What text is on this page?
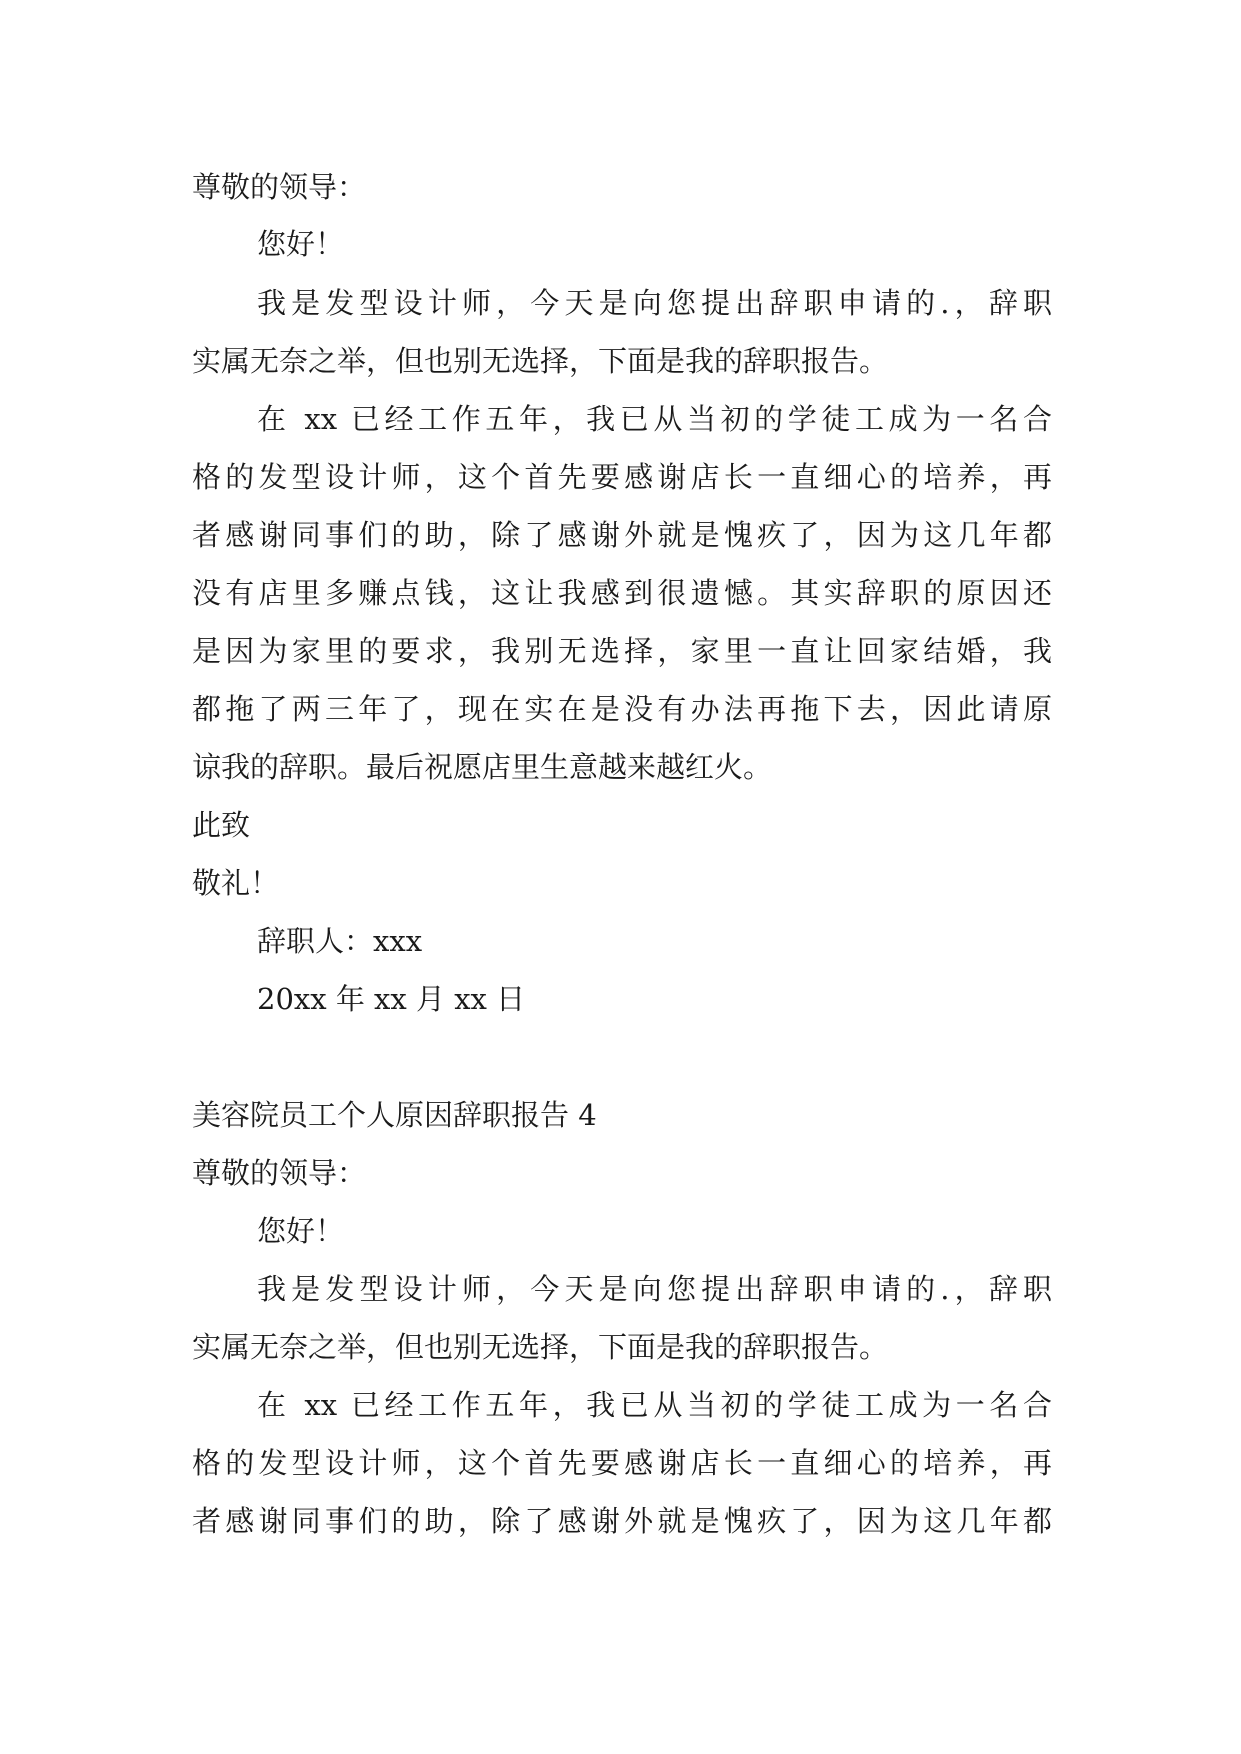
尊敬的领导：
您好！
我是发型设计师，今天是向您提出辞职申请的.，辞职
实属无奈之举，但也别无选择，下面是我的辞职报告。
在 xx 已经工作五年，我已从当初的学徒工成为一名合
格的发型设计师，这个首先要感谢店长一直细心的培养，再
者感谢同事们的助，除了感谢外就是愧疚了，因为这几年都
没有店里多赚点钱，这让我感到很遗憾。其实辞职的原因还
是因为家里的要求，我别无选择，家里一直让回家结婚，我
都拖了两三年了，现在实在是没有办法再拖下去，因此请原
谅我的辞职。最后祝愿店里生意越来越红火。
此致
敬礼！
辞职人：xxx
20xx 年 xx 月 xx 日
美容院员工个人原因辞职报告 4
尊敬的领导：
您好！
我是发型设计师，今天是向您提出辞职申请的.，辞职
实属无奈之举，但也别无选择，下面是我的辞职报告。
在 xx 已经工作五年，我已从当初的学徒工成为一名合
格的发型设计师，这个首先要感谢店长一直细心的培养，再
者感谢同事们的助，除了感谢外就是愧疚了，因为这几年都
